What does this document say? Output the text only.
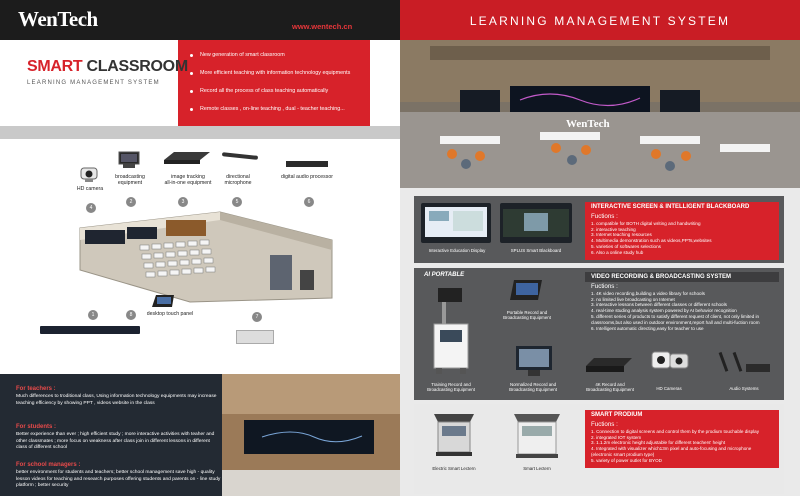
WenTech	www.wentech.cn
New generation of smart classroom
More efficient teaching with information technology equipments
Record all the process of class teaching automatically
Remote classes , on-line teaching , dual - teacher teaching...
SMART CLASSROOM
LEARNING MANAGEMENT SYSTEM
HD camera
broadcasting
equipment
image tracking
all-in-one equipment
directional
microphone
digital audio processor
4
2	3	5	6
1	8	7
desktop touch panel
For teachers :
Much differences to troditional class, Using information technology equipments may increase teaching efficiency by showing PPT , videos website in the class
For students :
Better experience than ever ; high efficient study ; more interactive activities with teaher and other classmates ; more focus on weakness after class join in different lessons in different class of different school
For school managers :
better environment for students and teachers; better school management save high - quality lesson videos for teaching and research purposes offering students and parents on - line study platform ; better security
LEARNING MANAGEMENT SYSTEM
WenTech
Interactive Education Display	SPLUS Smart Blackboard
INTERACTIVE SCREEN & INTELLIGENT BLACKBOARD
Fuctions :
1. compatible for BOTH digital writing and handwriting
2. interactive teaching
3. Internet teaching resources
4. Multimedia demonstration such as videos,PPTs,websites
5. varieties of softwares selections
6. Also a online study hub
AI PORTABLE
Training Record and
Broadcasting Equipment
Portable Record and
Broadcasting Equipment
Normalized Record and
Broadcasting Equipment
4K Record and
Broadcasting Equipment	HD Cameras	Audio Systems
VIDEO RECORDING & BROADCASTING SYSTEM
Fuctions :
1. 4K video recording,building a video library for schools
2. no limited live broadcasting on Internet
3. interactive lessons between different classes or different schools
4. real-time studing analysis system powered by AI behavior recognition
5. different series of products to satisfy different request of client, not only limited in
classrooms,but also used in outdoor environment,report hall and multi-fuction room
6. Intelligent automatic directing,easy for teacher to use
Electric Smart Lectern	Smart Lectern
SMART PRODIUM
Fuctions :
1. Connection to digital screens and control them by the prodium touchable display
2. integrated IOT system
3. 1.1.2m electronic height adjustable for different teachers' height
4. Integrated with visualizer which13m pixel and auto-focusing and microphone
(electronic smart prodium type)
5. variety of power outlet for BYOD
